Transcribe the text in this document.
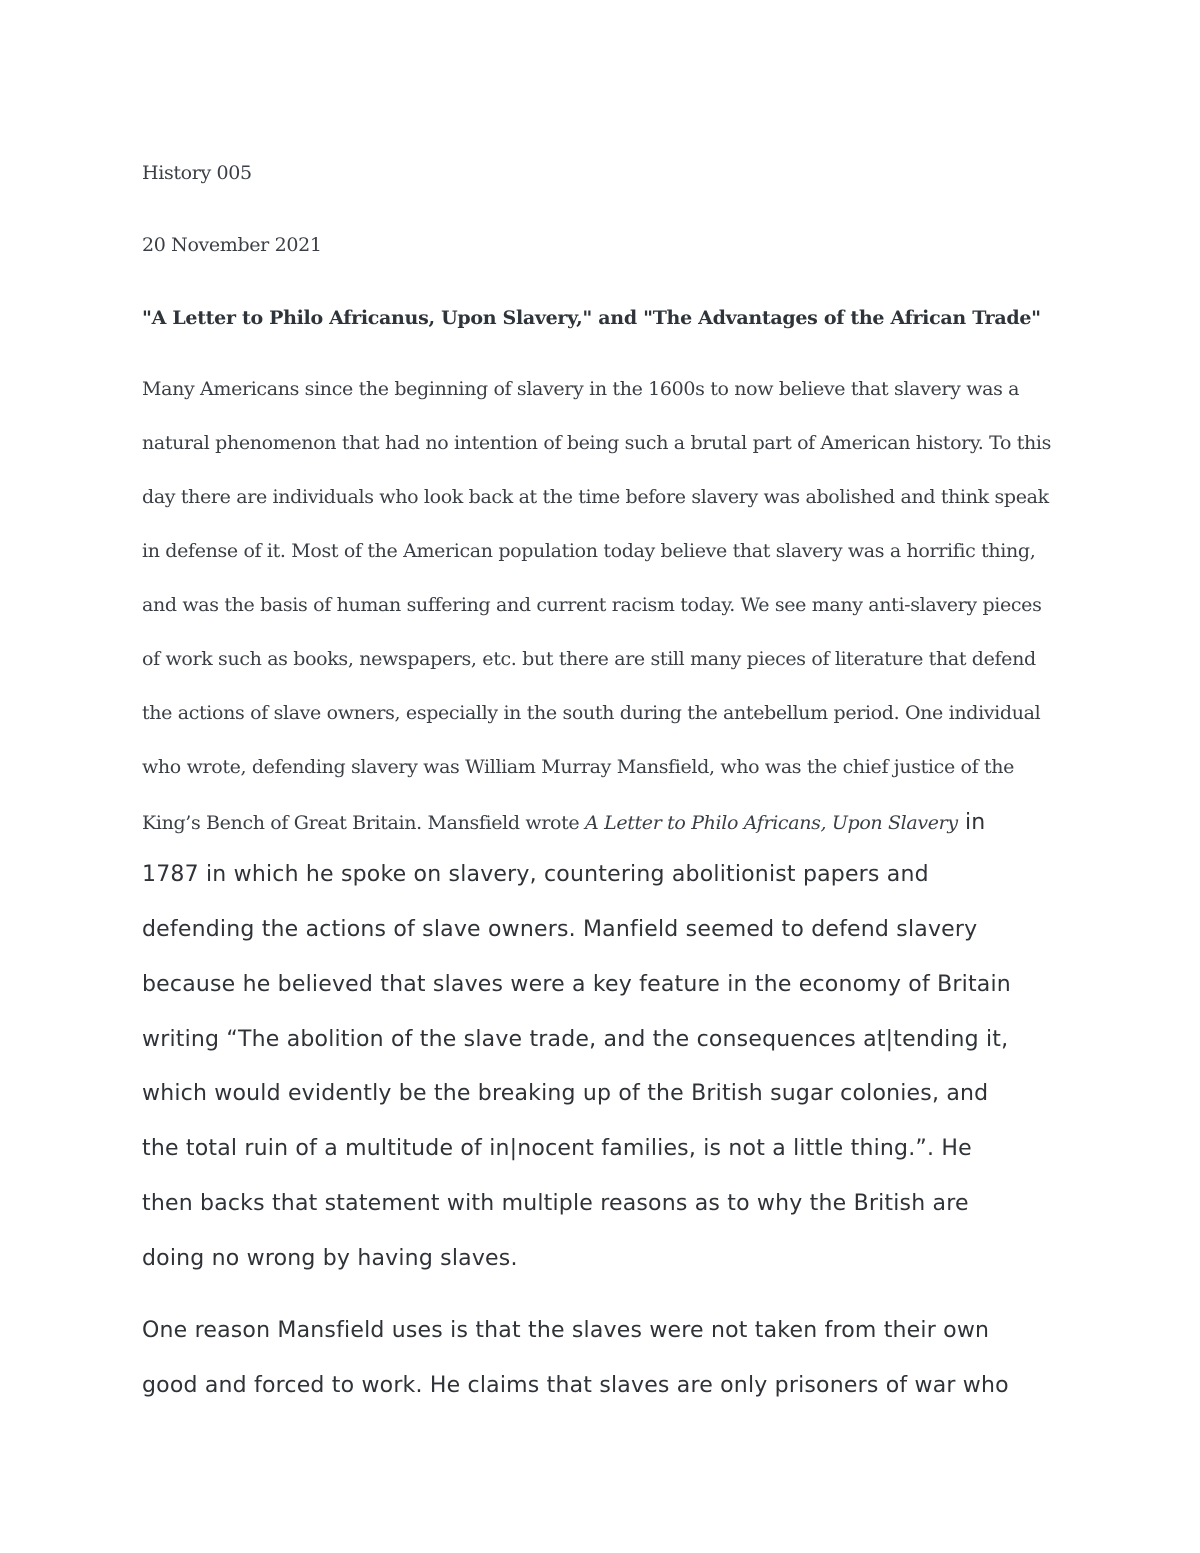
History 005

20 November 2021

"A Letter to Philo Africanus, Upon Slavery," and "The Advantages of the African Trade"

Many Americans since the beginning of slavery in the 1600s to now believe that slavery was a

natural phenomenon that had no intention of being such a brutal part of American history. To this

day there are individuals who look back at the time before slavery was abolished and think speak

in defense of it. Most of the American population today believe that slavery was a horrific thing,

and was the basis of human suffering and current racism today. We see many anti-slavery pieces

of work such as books, newspapers, etc. but there are still many pieces of literature that defend

the actions of slave owners, especially in the south during the antebellum period. One individual

who wrote, defending slavery was William Murray Mansfield, who was the chief justice of the

King’s Bench of Great Britain. Mansfield wrote A Letter to Philo Africans, Upon Slavery in

1787 in which he spoke on slavery, countering abolitionist papers and

defending the actions of slave owners. Manfield seemed to defend slavery

because he believed that slaves were a key feature in the economy of Britain

writing “The abolition of the slave trade, and the consequences at|tending it,

which would evidently be the breaking up of the British sugar colonies, and

the total ruin of a multitude of in|nocent families, is not a little thing.”. He

then backs that statement with multiple reasons as to why the British are

doing no wrong by having slaves.

One reason Mansfield uses is that the slaves were not taken from their own

good and forced to work. He claims that slaves are only prisoners of war who
